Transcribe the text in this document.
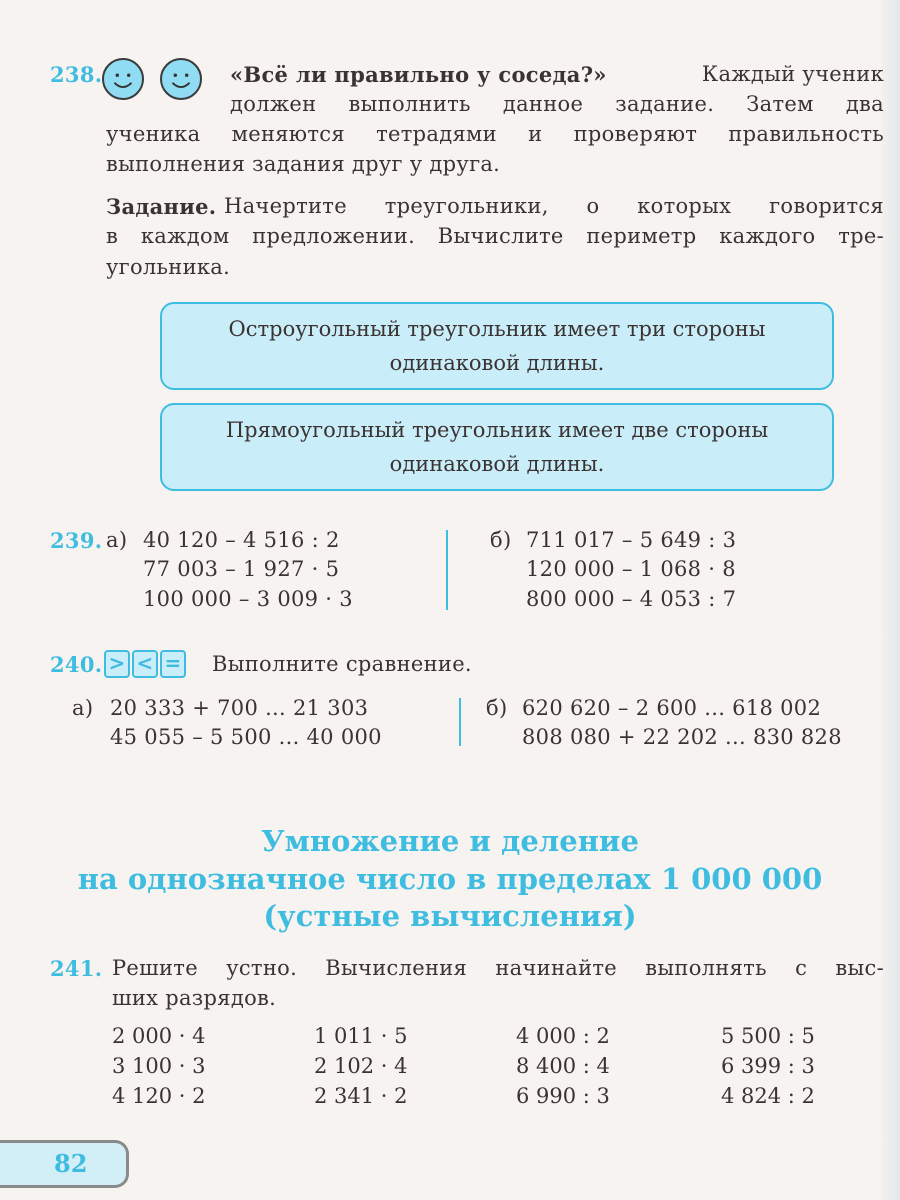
238.	«Всё ли правильно у соседа?»	Каждый ученик
должен выполнить данное задание. Затем два
ученика меняются тетрадями и проверяют правильность
выполнения задания друг у друга.
Задание. Начертите треугольники, о которых говорится
в каждом предложении. Вычислите периметр каждого тре-
угольника.
Остроугольный треугольник имеет три стороны
одинаковой длины.
Прямоугольный треугольник имеет две стороны
одинаковой длины.
239. а) 40 120 – 4 516 : 2
77 003 – 1 927 · 5
100 000 – 3 009 · 3
б) 711 017 – 5 649 : 3
120 000 – 1 068 · 8
800 000 – 4 053 : 7
240. > < =	Выполните сравнение.
а) 20 333 + 700 ... 21 303
45 055 – 5 500 ... 40 000
б) 620 620 – 2 600 ... 618 002
808 080 + 22 202 ... 830 828
Умножение и деление
на однозначное число в пределах 1 000 000
(устные вычисления)
241. Решите устно. Вычисления начинайте выполнять с выс-
ших разрядов.
2 000 · 4	1 011 · 5	4 000 : 2	5 500 : 5
3 100 · 3	2 102 · 4	8 400 : 4	6 399 : 3
4 120 · 2	2 341 · 2	6 990 : 3	4 824 : 2
82
